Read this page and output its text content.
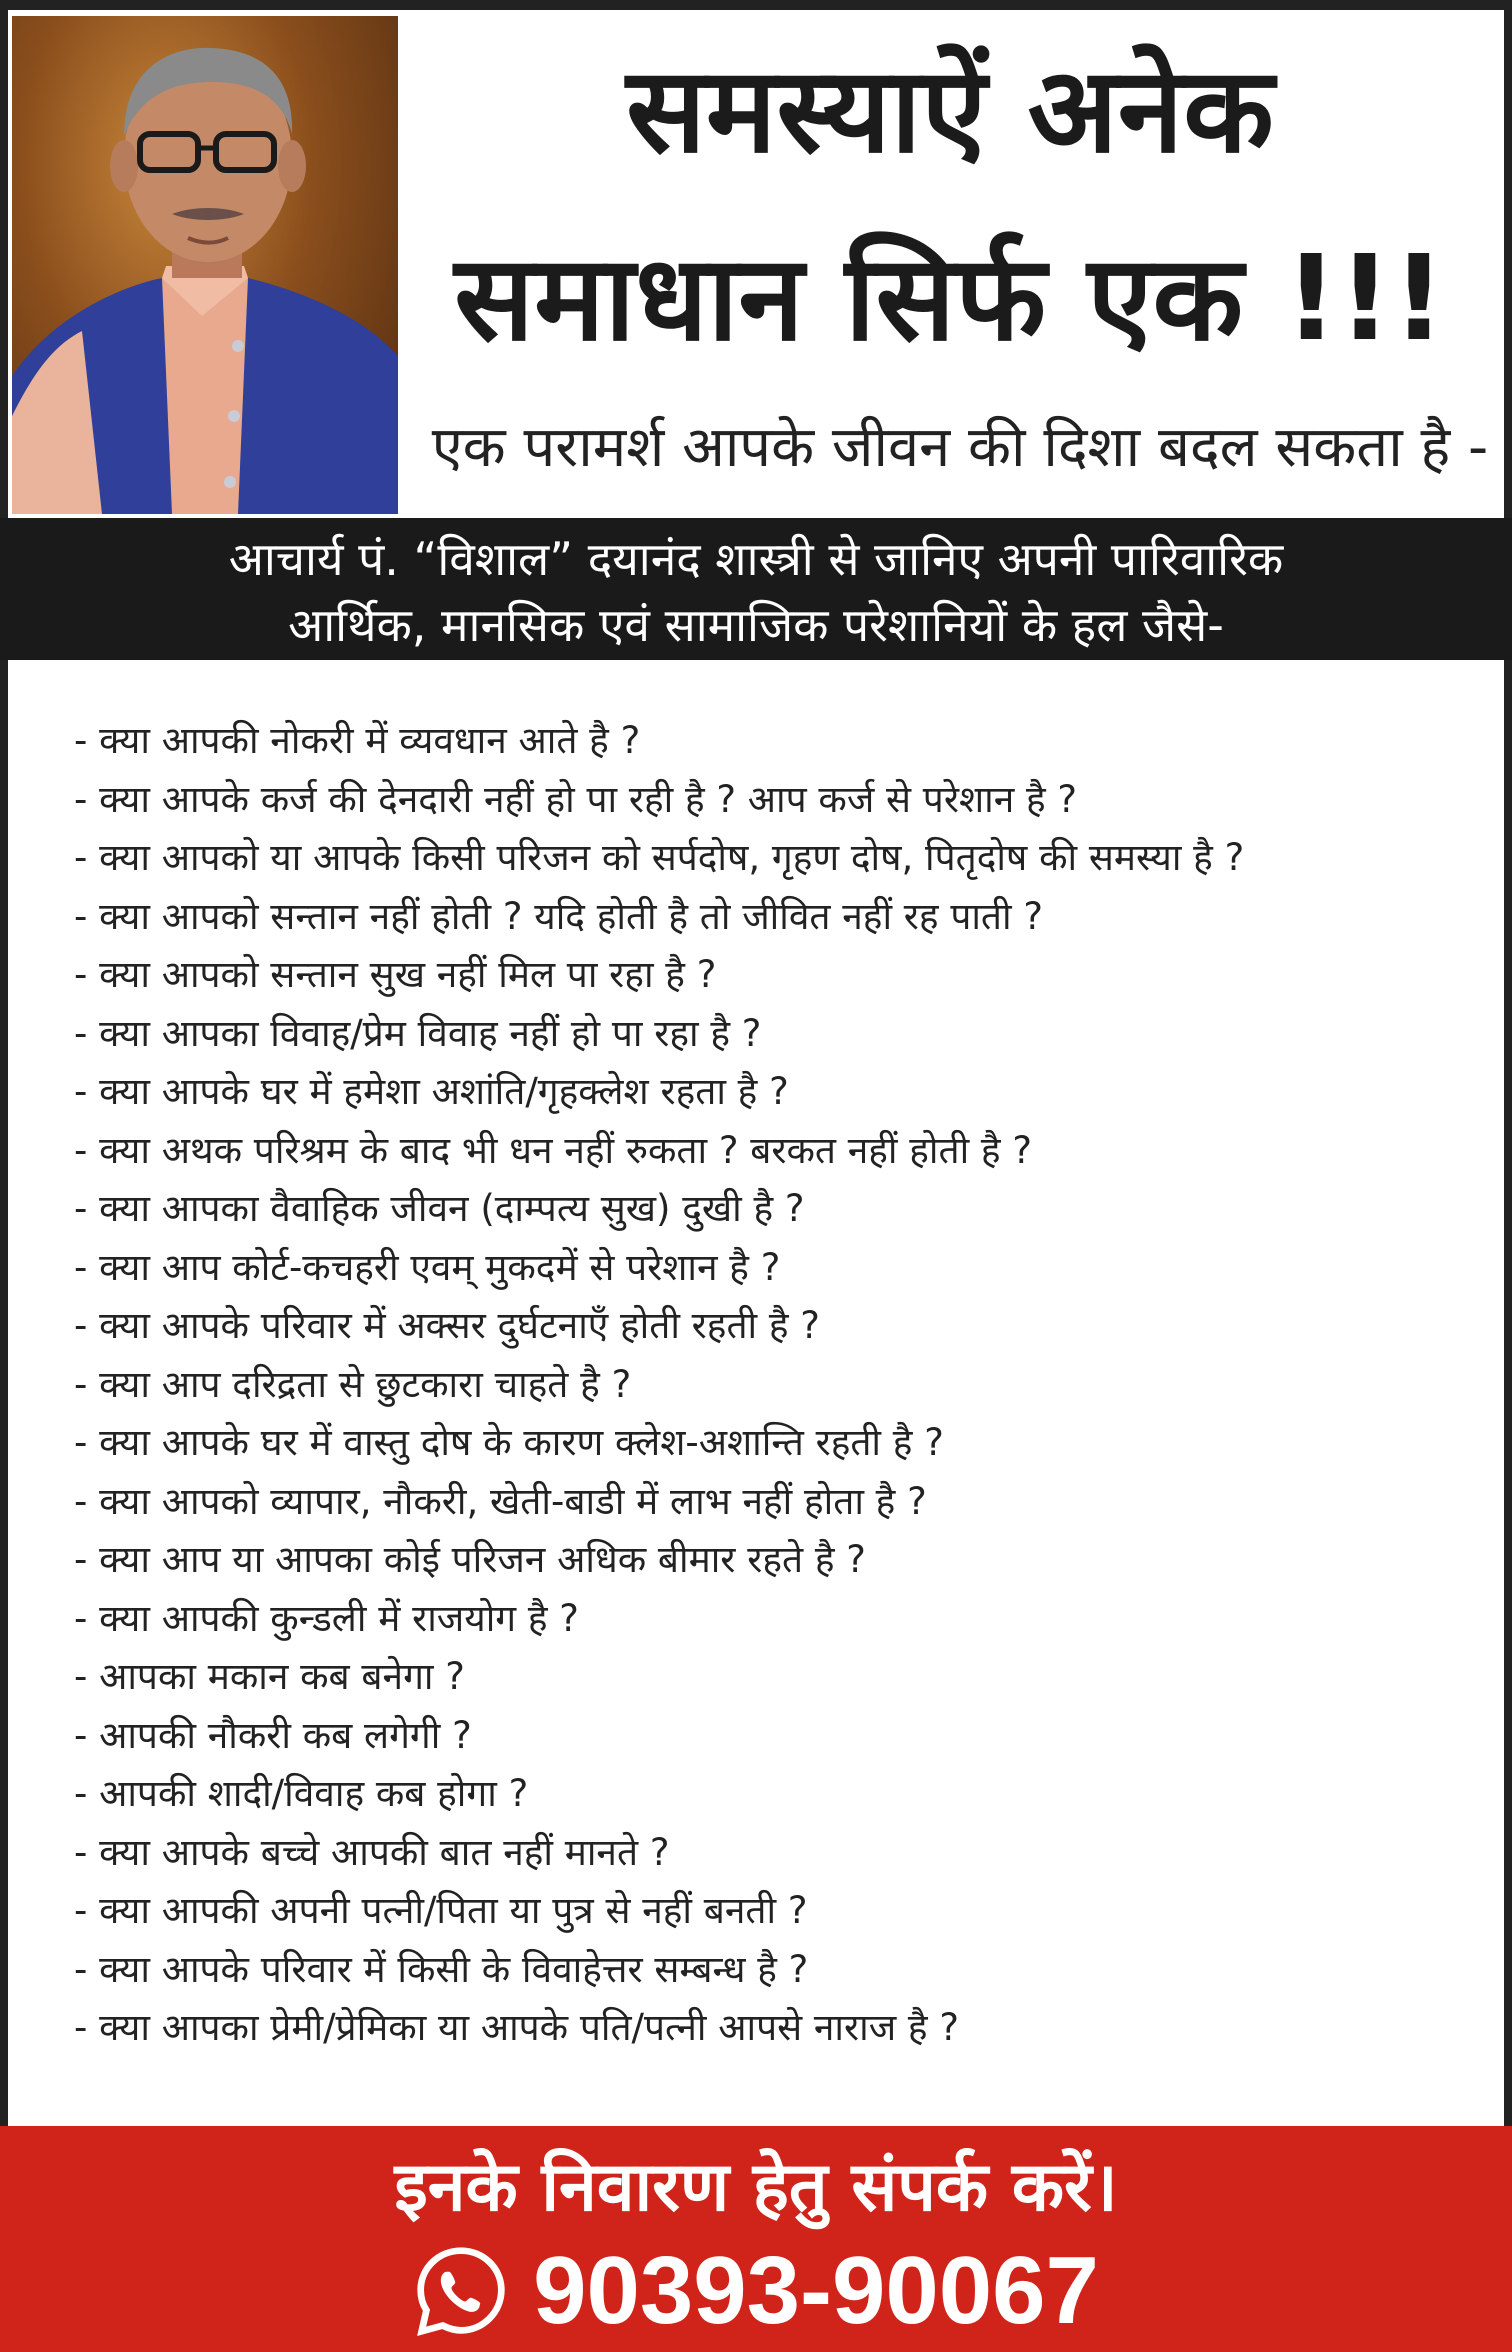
समस्याऐं अनेक
समाधान सिर्फ एक !!!
एक परामर्श आपके जीवन की दिशा बदल सकता है -
आचार्य पं. “विशाल” दयानंद शास्त्री से जानिए अपनी पारिवारिक
आर्थिक, मानसिक एवं सामाजिक परेशानियों के हल जैसे-
- क्या आपकी नोकरी में व्यवधान आते है ?
- क्या आपके कर्ज की देनदारी नहीं हो पा रही है ? आप कर्ज से परेशान है ?
- क्या आपको या आपके किसी परिजन को सर्पदोष, गृहण दोष, पितृदोष की समस्या है ?
- क्या आपको सन्तान नहीं होती ? यदि होती है तो जीवित नहीं रह पाती ?
- क्या आपको सन्तान सुख नहीं मिल पा रहा है ?
- क्या आपका विवाह/प्रेम विवाह नहीं हो पा रहा है ?
- क्या आपके घर में हमेशा अशांति/गृहक्लेश रहता है ?
- क्या अथक परिश्रम के बाद भी धन नहीं रुकता ? बरकत नहीं होती है ?
- क्या आपका वैवाहिक जीवन (दाम्पत्य सुख) दुखी है ?
- क्या आप कोर्ट-कचहरी एवम् मुकदमें से परेशान है ?
- क्या आपके परिवार में अक्सर दुर्घटनाएँ होती रहती है ?
- क्या आप दरिद्रता से छुटकारा चाहते है ?
- क्या आपके घर में वास्तु दोष के कारण क्लेश-अशान्ति रहती है ?
- क्या आपको व्यापार, नौकरी, खेती-बाडी में लाभ नहीं होता है ?
- क्या आप या आपका कोई परिजन अधिक बीमार रहते है ?
- क्या आपकी कुन्डली में राजयोग है ?
- आपका मकान कब बनेगा ?
- आपकी नौकरी कब लगेगी ?
- आपकी शादी/विवाह कब होगा ?
- क्या आपके बच्चे आपकी बात नहीं मानते ?
- क्या आपकी अपनी पत्नी/पिता या पुत्र से नहीं बनती ?
- क्या आपके परिवार में किसी के विवाहेत्तर सम्बन्ध है ?
- क्या आपका प्रेमी/प्रेमिका या आपके पति/पत्नी आपसे नाराज है ?
इनके निवारण हेतु संपर्क करें।
90393-90067
